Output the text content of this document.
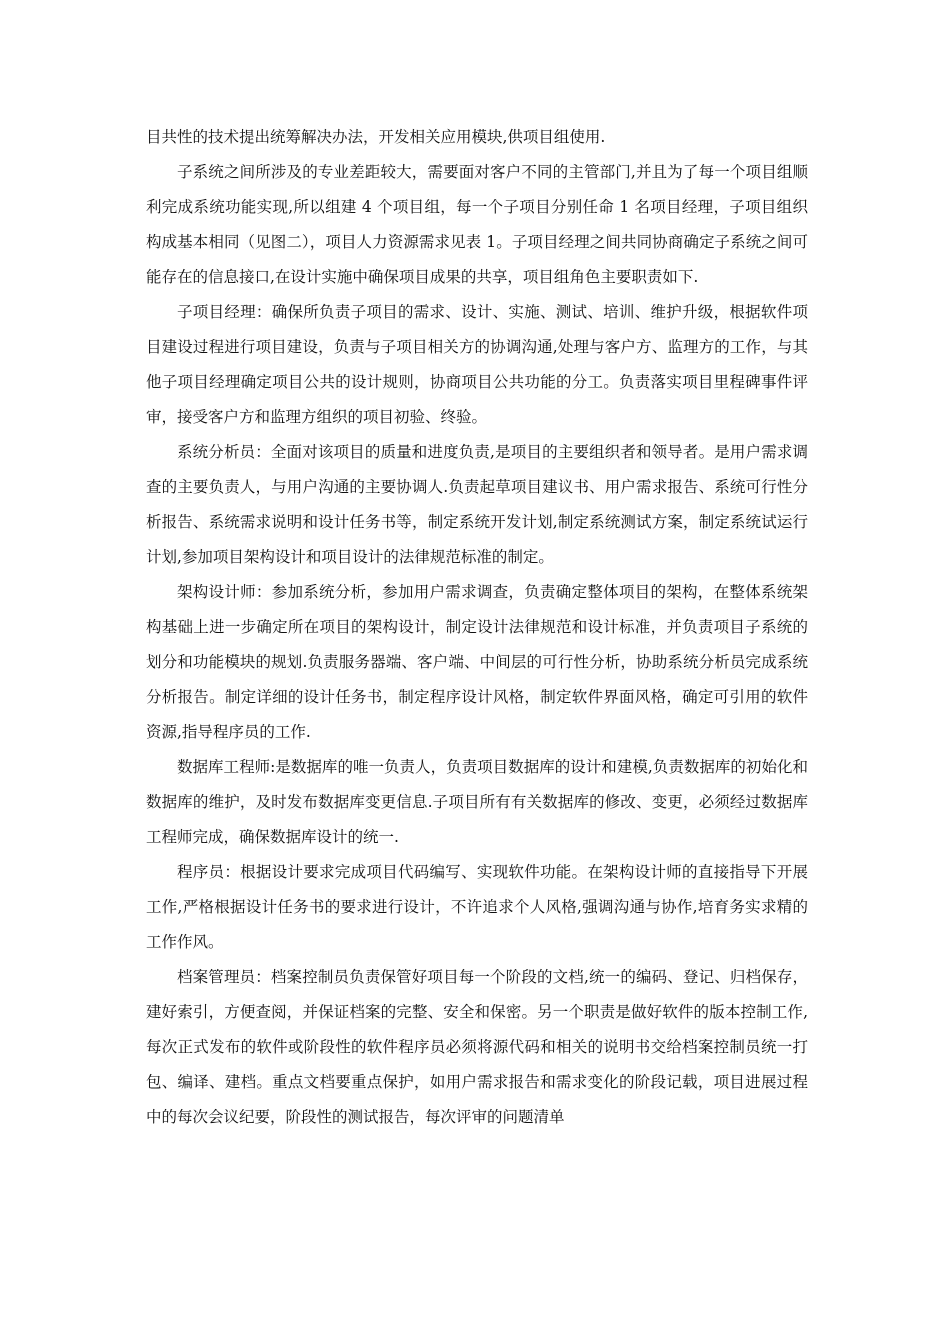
目共性的技术提出统筹解决办法，开发相关应用模块,供项目组使用.

子系统之间所涉及的专业差距较大，需要面对客户不同的主管部门,并且为了每一个项目组顺利完成系统功能实现,所以组建 4 个项目组，每一个子项目分别任命 1 名项目经理，子项目组织构成基本相同（见图二），项目人力资源需求见表 1。子项目经理之间共同协商确定子系统之间可能存在的信息接口,在设计实施中确保项目成果的共享，项目组角色主要职责如下.

子项目经理：确保所负责子项目的需求、设计、实施、测试、培训、维护升级，根据软件项目建设过程进行项目建设，负责与子项目相关方的协调沟通,处理与客户方、监理方的工作，与其他子项目经理确定项目公共的设计规则，协商项目公共功能的分工。负责落实项目里程碑事件评审，接受客户方和监理方组织的项目初验、终验。

系统分析员：全面对该项目的质量和进度负责,是项目的主要组织者和领导者。是用户需求调查的主要负责人，与用户沟通的主要协调人.负责起草项目建议书、用户需求报告、系统可行性分析报告、系统需求说明和设计任务书等，制定系统开发计划,制定系统测试方案，制定系统试运行计划,参加项目架构设计和项目设计的法律规范标准的制定。

架构设计师：参加系统分析，参加用户需求调查，负责确定整体项目的架构，在整体系统架构基础上进一步确定所在项目的架构设计，制定设计法律规范和设计标准，并负责项目子系统的划分和功能模块的规划.负责服务器端、客户端、中间层的可行性分析，协助系统分析员完成系统分析报告。制定详细的设计任务书，制定程序设计风格，制定软件界面风格，确定可引用的软件资源,指导程序员的工作.

数据库工程师:是数据库的唯一负责人，负责项目数据库的设计和建模,负责数据库的初始化和数据库的维护，及时发布数据库变更信息.子项目所有有关数据库的修改、变更，必须经过数据库工程师完成，确保数据库设计的统一.

程序员：根据设计要求完成项目代码编写、实现软件功能。在架构设计师的直接指导下开展工作,严格根据设计任务书的要求进行设计，不许追求个人风格,强调沟通与协作,培育务实求精的工作作风。

档案管理员：档案控制员负责保管好项目每一个阶段的文档,统一的编码、登记、归档保存，建好索引，方便查阅，并保证档案的完整、安全和保密。另一个职责是做好软件的版本控制工作,每次正式发布的软件或阶段性的软件程序员必须将源代码和相关的说明书交给档案控制员统一打包、编译、建档。重点文档要重点保护，如用户需求报告和需求变化的阶段记载，项目进展过程中的每次会议纪要，阶段性的测试报告，每次评审的问题清单
